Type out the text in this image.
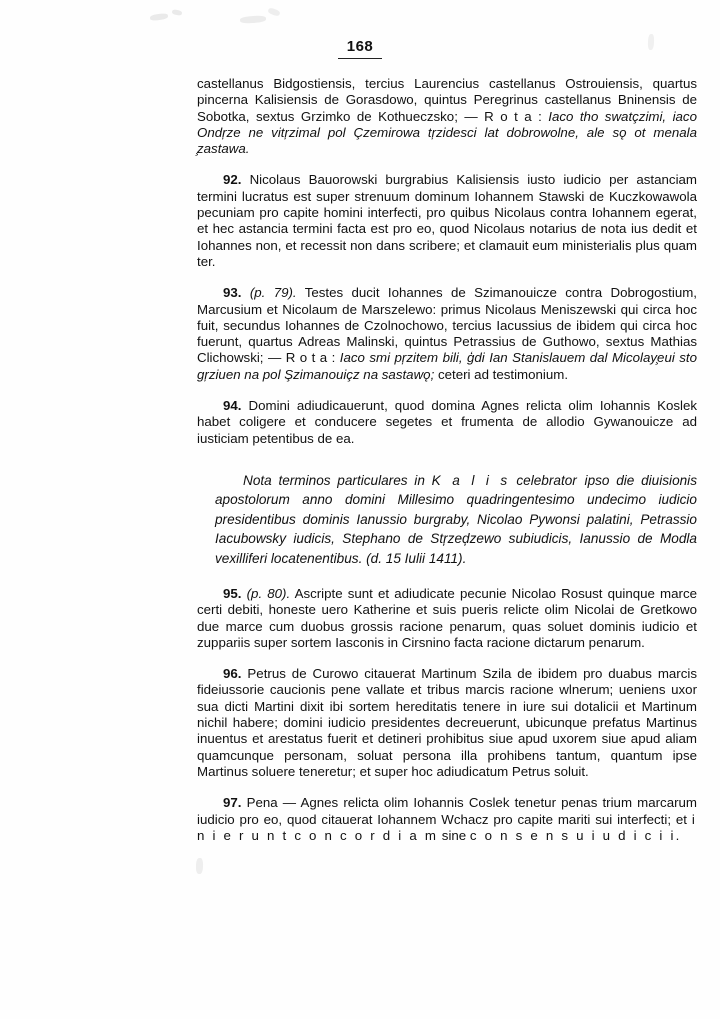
168

castellanus Bidgostiensis, tercius Laurencius castellanus Ostrouiensis, quartus pincerna Kalisiensis de Gorasdowo, quintus Peregrinus castellanus Bninensis de Sobotka, sextus Grzimko de Kothueczsko; — R o t a : Iaco tho swatçzimi, iaco Ondŗze ne vitŗzimal pol Çzemirowa tŗzidesci lat dobrowolne, ale sǫ ot menala ̧zastawa.

92. Nicolaus Bauorowski burgrabius Kalisiensis iusto iudicio per astanciam termini lucratus est super strenuum dominum Iohannem Stawski de Kuczkowawola pecuniam pro capite homini interfecti, pro quibus Nicolaus contra Iohannem egerat, et hec astancia termini facta est pro eo, quod Nicolaus notarius de nota ius dedit et Iohannes non, et recessit non dans scribere; et clamauit eum ministerialis plus quam ter.

93. (p. 79). Testes ducit Iohannes de Szimanouicze contra Dobrogostium, Marcusium et Nicolaum de Marszelewo: primus Nicolaus Meniszewski qui circa hoc fuit, secundus Iohannes de Czolnochowo, tercius Iacussius de ibidem qui circa hoc fuerunt, quartus Adreas Malinski, quintus Petrassius de Guthowo, sextus Mathias Clichowski; — R o t a : Iaco smi pŗzitem bili, ģdi Ian Stanislauem dal Micolay̧eui sto gŗziuen na pol Şzimanouiçz na sastawǫ; ceteri ad testimonium.

94. Domini adiudicauerunt, quod domina Agnes relicta olim Iohannis Koslek habet coligere et conducere segetes et frumenta de allodio Gywanouicze ad iusticiam petentibus de ea.

Nota terminos particulares in K a l i s celebrator ipso die diuisionis apostolorum anno domini Millesimo quadringentesimo undecimo iudicio presidentibus dominis Ianussio burgraby, Nicolao Pywonsi palatini, Petrassio Iacubowsky iudicis, Stephano de Stŗzeḑzewo subiudicis, Ianussio de Modla vexilliferi locatenentibus. (d. 15 Iulii 1411).

95. (p. 80). Ascripte sunt et adiudicate pecunie Nicolao Rosust quinque marce certi debiti, honeste uero Katherine et suis pueris relicte olim Nicolai de Gretkowo due marce cum duobus grossis racione penarum, quas soluet dominis iudicio et zuppariis super sortem Iasconis in Cirsnino facta racione dictarum penarum.

96. Petrus de Curowo citauerat Martinum Szila de ibidem pro duabus marcis fideiussorie caucionis pene vallate et tribus marcis racione wlnerum; ueniens uxor sua dicti Martini dixit ibi sortem hereditatis tenere in iure sui dotalicii et Martinum nichil habere; domini iudicio presidentes decreuerunt, ubicunque prefatus Martinus inuentus et arestatus fuerit et detineri prohibitus siue apud uxorem siue apud aliam quamcunque personam, soluat persona illa prohibens tantum, quantum ipse Martinus soluere teneretur; et super hoc adiudicatum Petrus soluit.

97. Pena — Agnes relicta olim Iohannis Coslek tenetur penas trium marcarum iudicio pro eo, quod citauerat Iohannem Wchacz pro capite mariti sui interfecti; et i n i e r u n t c o n c o r d i a m sine c o n s e n s u i u d i c i i.
